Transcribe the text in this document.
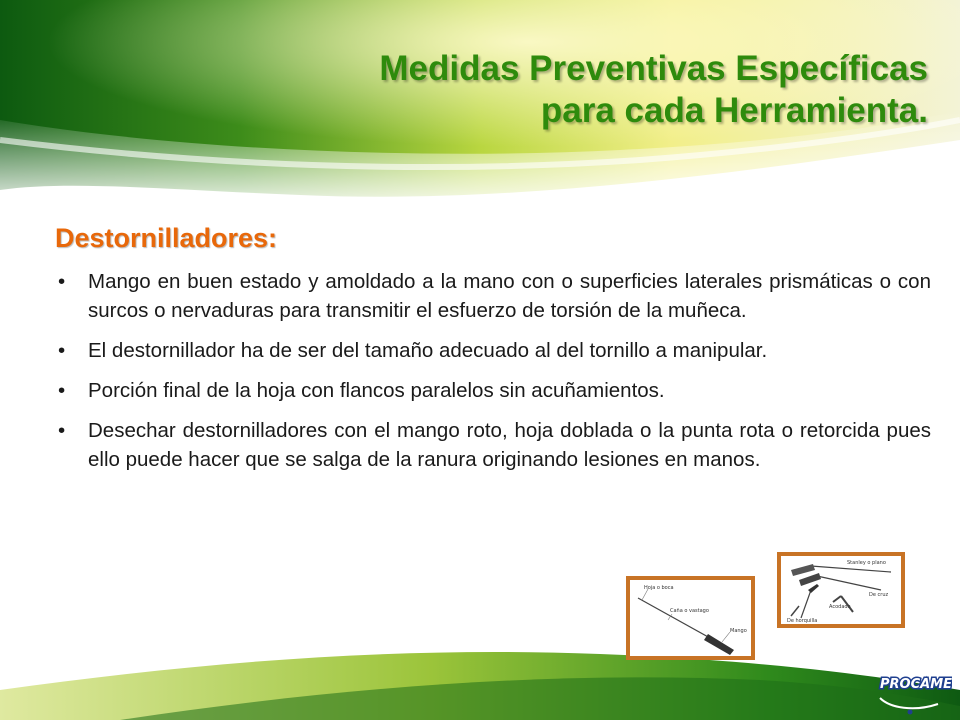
Medidas Preventivas Específicas
para cada Herramienta.
Destornilladores:
• Mango en buen estado y amoldado a la mano con o superficies laterales prismáticas o con surcos o nervaduras para transmitir el esfuerzo de torsión de la muñeca.
• El destornillador ha de ser del tamaño adecuado al del tornillo a manipular.
• Porción final de la hoja con flancos paralelos sin acuñamientos.
• Desechar destornilladores con el mango roto, hoja doblada o la punta rota o retorcida pues ello puede hacer que se salga de la ranura originando lesiones en manos.
Hoja o boca
Caña o vastago
Mango
Stanley o plano
De cruz
Acodado
De horquilla
PROCAME
